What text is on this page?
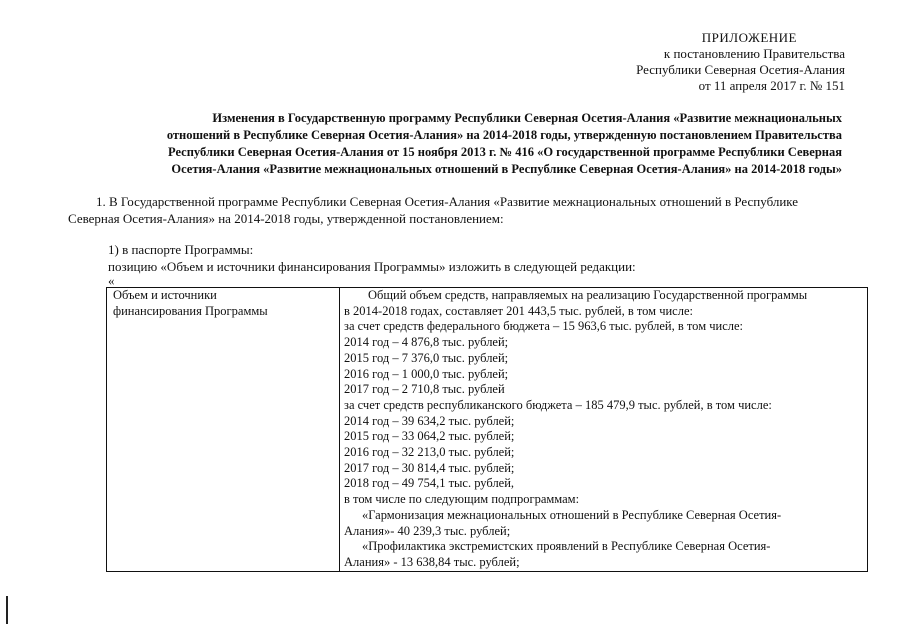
ПРИЛОЖЕНИЕ
к постановлению Правительства
Республики Северная Осетия-Алания
от 11 апреля 2017 г. № 151
Изменения в Государственную программу Республики Северная Осетия-Алания «Развитие межнациональных
отношений в Республике Северная Осетия-Алания» на 2014-2018 годы, утвержденную постановлением Правительства
Республики Северная Осетия-Алания от 15 ноября 2013 г. № 416 «О государственной программе Республики Северная
Осетия-Алания «Развитие межнациональных отношений в Республике Северная Осетия-Алания» на 2014-2018 годы»
1. В Государственной программе Республики Северная Осетия-Алания «Развитие межнациональных отношений в Республике
Северная Осетия-Алания» на 2014-2018 годы, утвержденной постановлением:
1) в паспорте Программы:
позицию «Объем и источники финансирования Программы» изложить в следующей редакции:
«
Объем и источники
финансирования Программы

Общий объем средств, направляемых на реализацию Государственной программы
в 2014-2018 годах, составляет 201 443,5 тыс. рублей, в том числе:
за счет средств федерального бюджета – 15 963,6 тыс. рублей, в том числе:
2014 год – 4 876,8 тыс. рублей;
2015 год – 7 376,0 тыс. рублей;
2016 год – 1 000,0 тыс. рублей;
2017 год – 2 710,8 тыс. рублей
за счет средств республиканского бюджета – 185 479,9 тыс. рублей, в том числе:
2014 год – 39 634,2 тыс. рублей;
2015 год – 33 064,2 тыс. рублей;
2016 год – 32 213,0 тыс. рублей;
2017 год – 30 814,4 тыс. рублей;
2018 год – 49 754,1 тыс. рублей,
в том числе по следующим подпрограммам:
«Гармонизация межнациональных отношений в Республике Северная Осетия-
Алания»- 40 239,3 тыс. рублей;
«Профилактика экстремистских проявлений в Республике Северная Осетия-
Алания» - 13 638,84 тыс. рублей;
